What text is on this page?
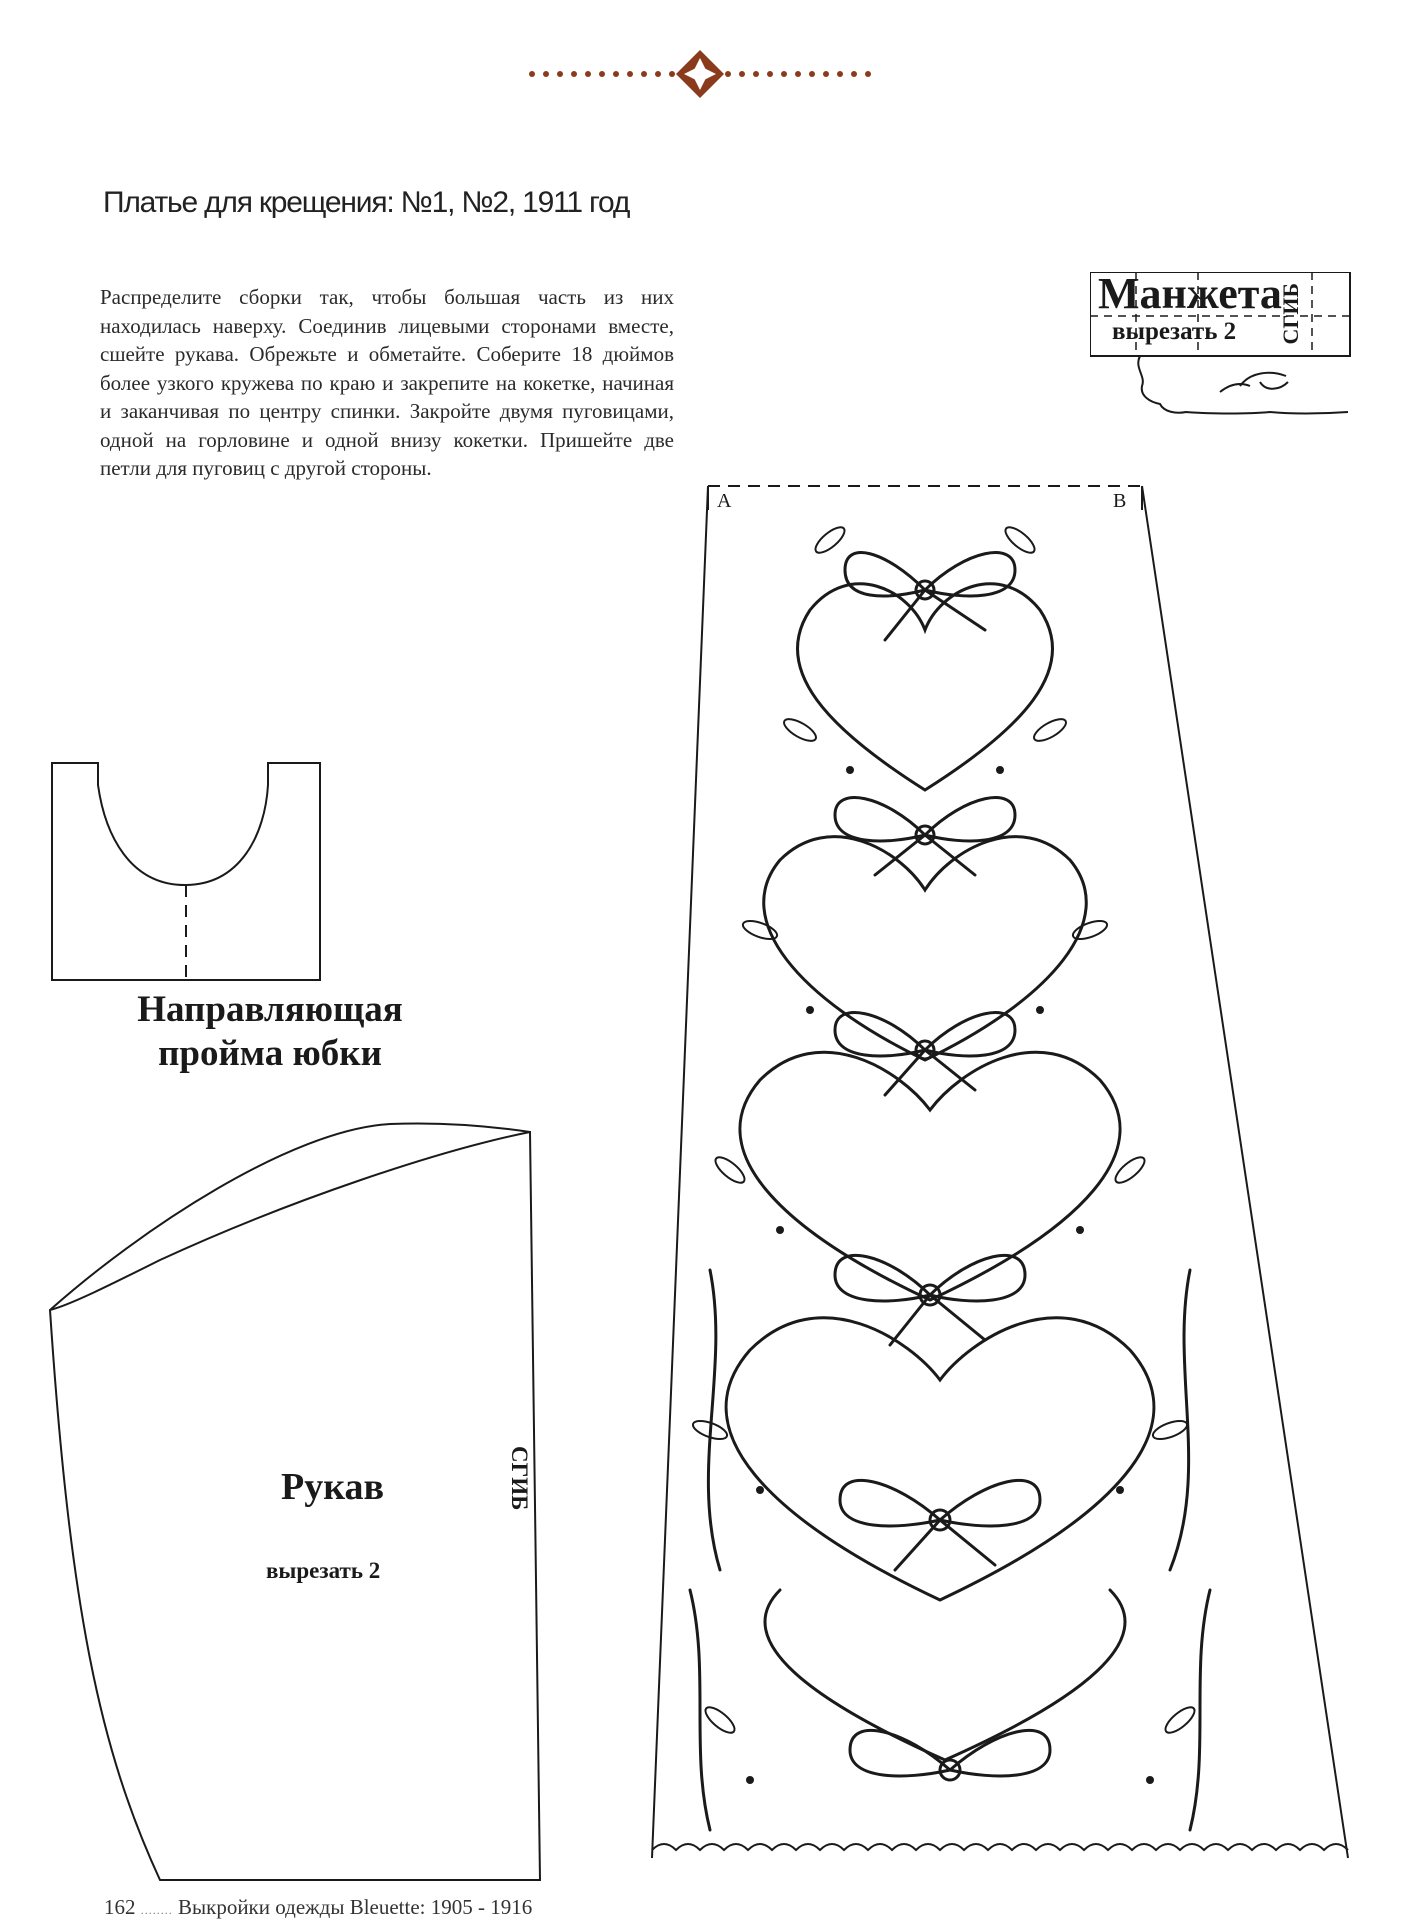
Платье для крещения: №1, №2, 1911 год
Распределите сборки так, чтобы большая часть из них находилась наверху. Соединив лицевыми сторонами вместе, сшейте рукава. Обрежьте и обметайте. Соберите 18 дюймов более узкого кружева по краю и закрепите на кокетке, начиная и заканчивая по центру спинки. Закройте двумя пуговицами, одной на горловине и одной внизу кокетки. Пришейте две петли для пуговиц с другой стороны.
Манжета
вырезать 2 СГИБ
A	B
Направляющая пройма юбки
Рукав
вырезать 2
СГИБ
162 ........ Выкройки одежды Bleuette: 1905 - 1916
